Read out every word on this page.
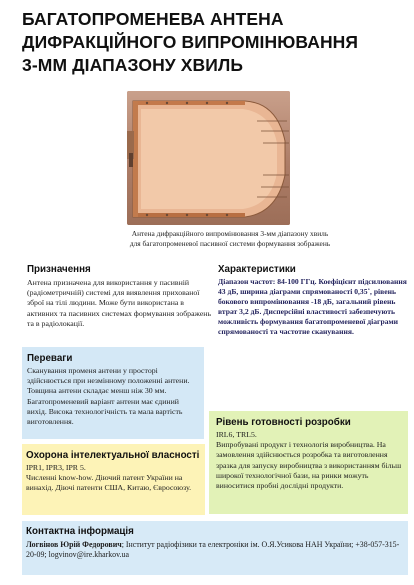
БАГАТОПРОМЕНЕВА АНТЕНА
ДИФРАКЦІЙНОГО ВИПРОМІНЮВАННЯ
3-ММ ДІАПАЗОНУ ХВИЛЬ
Антена дифракційного випромінювання 3-мм діапазону хвиль
для багатопроменевої пасивної системи формування зображень
Призначення
Антена призначена для використання у пасивній (радіометричній) системі для виявлення прихованої зброї на тілі людини. Може бути використана в активних та пасивних системах формування зображень та в радіолокації.
Характеристики
Діапазон частот: 84-100 ГГц. Коефіцієнт підсилювання 43 дБ, ширина діаграми спрямованості 0,35˚, рівень бокового випромінювання -18 дБ, загальний рівень втрат 3,2 дБ. Дисперсійні властивості забезпечують можливість формування багатопроменевої діаграми спрямованості та частотне сканування.
Переваги
Сканування променя антени у просторі здійснюється при незмінному положенні антени. Товщина антени складає менш ніж 30 мм. Багатопроменевий варіант антени має єдиний вихід. Висока технологічність та мала вартість виготовлення.
Охорона інтелектуальної власності
IPR1, IPR3, IPR 5.
Численні know-how. Діючий патент України на винахід. Діючі патенти США, Китаю, Євросоюзу.
Рівень готовності розробки
IRL6, TRL5.
Випробувані продукт і технологія виробництва. На замовлення здійснюється розробка та виготовлення зразка для запуску виробництва з використанням більш широкої технологічної бази, на ринки можуть виноситися пробні дослідні продукти.
Контактна інформація
Логвінов Юрій Федорович; Інститут радіофізики та електроніки ім. О.Я.Усикова НАН України; +38-057-315-20-09; logvinov@ire.kharkov.ua
